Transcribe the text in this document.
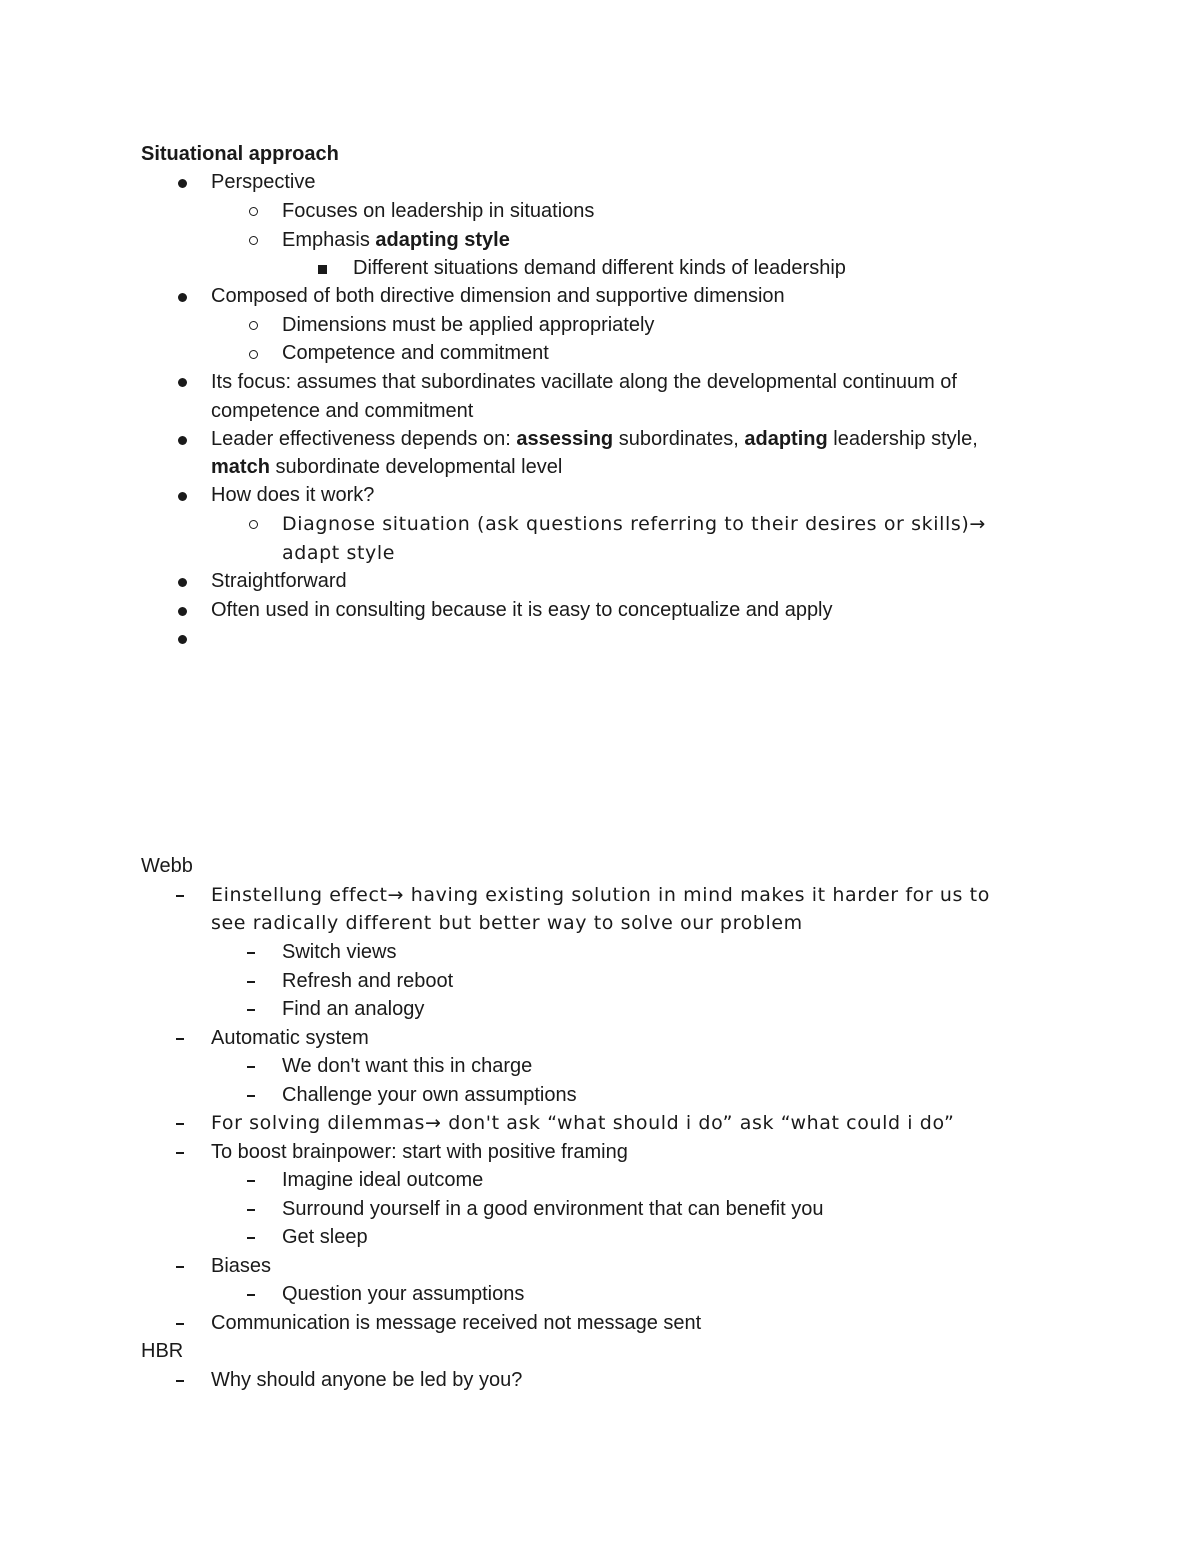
Situational approach
Perspective
Focuses on leadership in situations
Emphasis adapting style
Different situations demand different kinds of leadership
Composed of both directive dimension and supportive dimension
Dimensions must be applied appropriately
Competence and commitment
Its focus: assumes that subordinates vacillate along the developmental continuum of
competence and commitment
Leader effectiveness depends on: assessing subordinates, adapting leadership style,
match subordinate developmental level
How does it work?
Diagnose situation (ask questions referring to their desires or skills)→
adapt style
Straightforward
Often used in consulting because it is easy to conceptualize and apply
Webb
Einstellung effect→ having existing solution in mind makes it harder for us to
see radically different but better way to solve our problem
Switch views
Refresh and reboot
Find an analogy
Automatic system
We don't want this in charge
Challenge your own assumptions
For solving dilemmas→ don't ask “what should i do” ask “what could i do”
To boost brainpower: start with positive framing
Imagine ideal outcome
Surround yourself in a good environment that can benefit you
Get sleep
Biases
Question your assumptions
Communication is message received not message sent
HBR
Why should anyone be led by you?
